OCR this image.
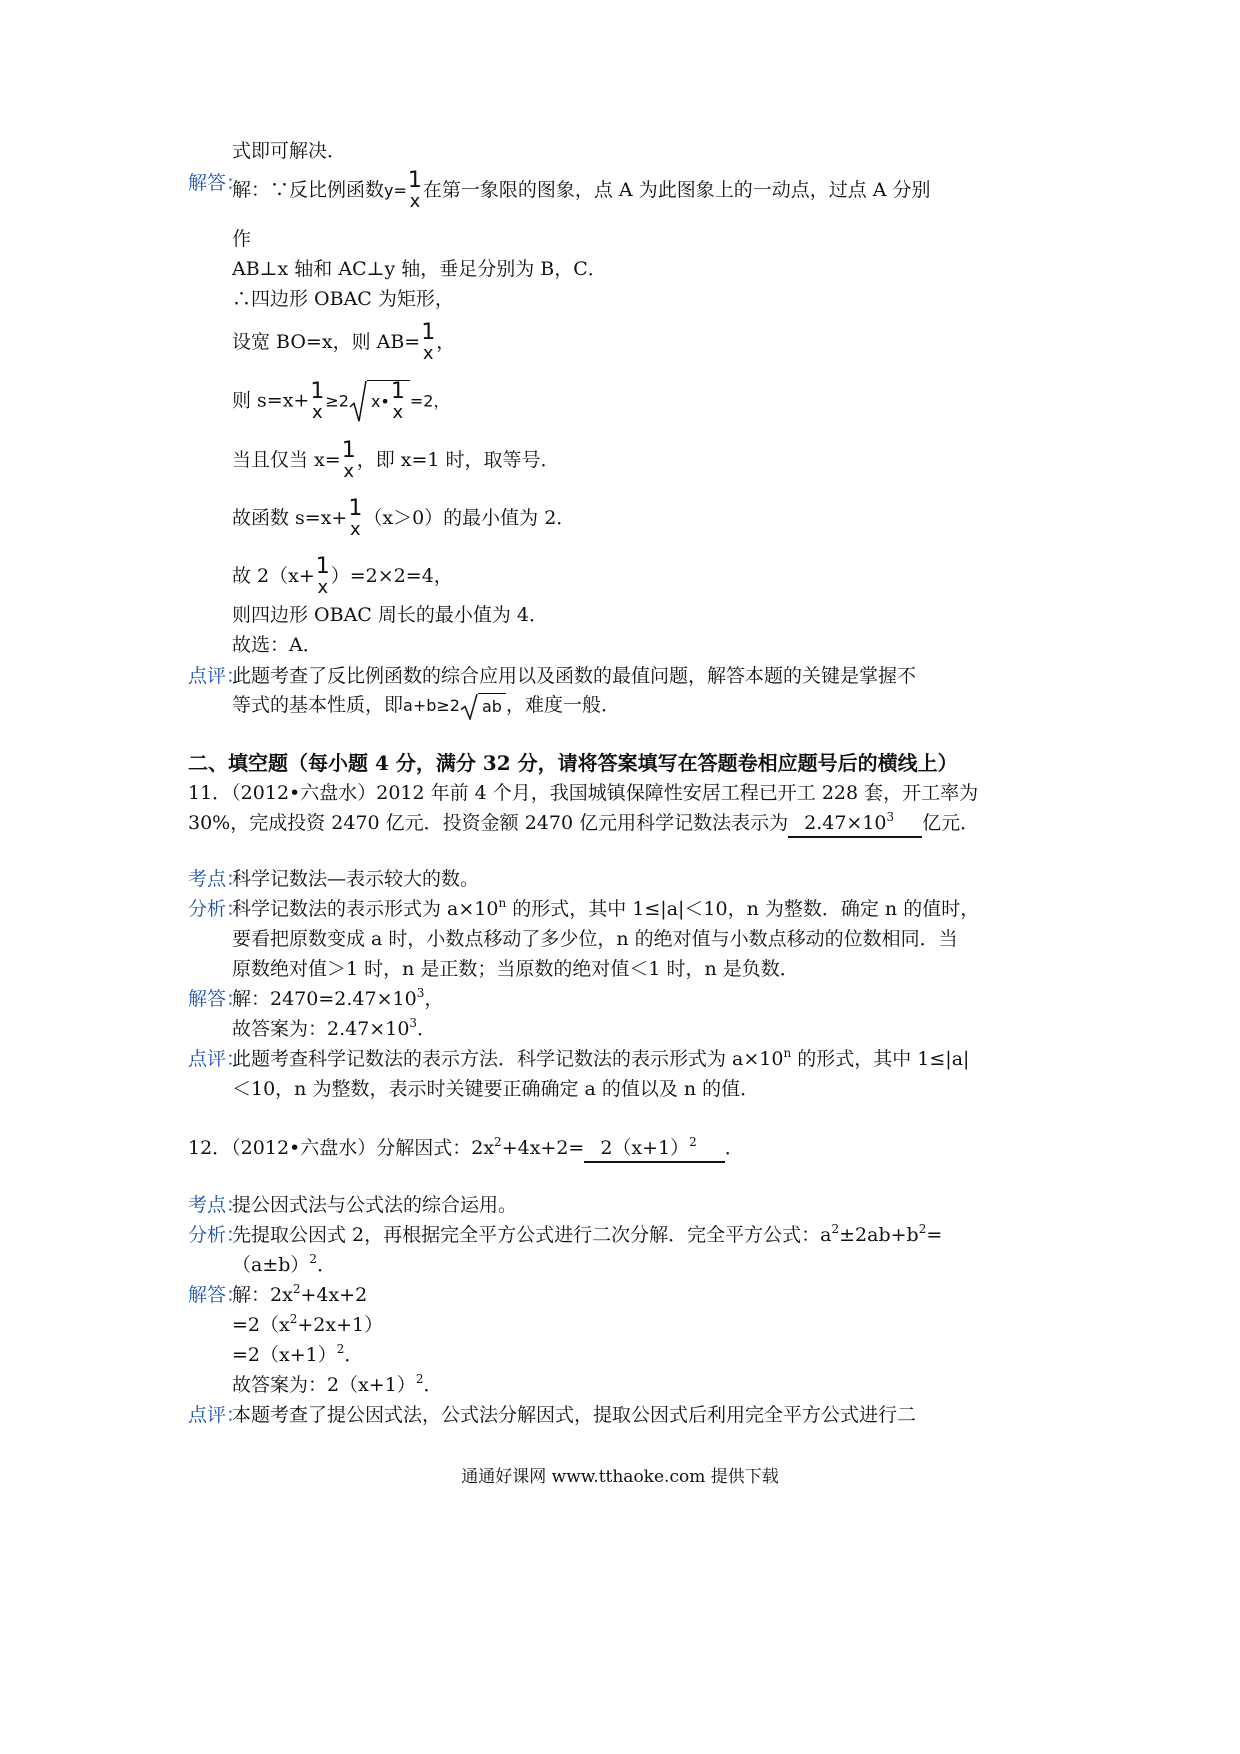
式即可解决．
解答：
解：∵反比例函数y= 1
x
在第一象限的图象，点 A 为此图象上的一动点，过点 A 分别
作
AB⊥x 轴和 AC⊥y 轴，垂足分别为 B，C．
∴四边形 OBAC 为矩形，
设宽 BO=x，则 AB= 1
x
，
则 s=x+ 1
x
≥2 x• 1
x
=2，
当且仅当 x= 1
x
，即 x=1 时，取等号．
故函数 s=x+ 1
x
（x＞0）的最小值为 2．
故 2（x+ 1
x
）=2×2=4，
则四边形 OBAC 周长的最小值为 4．
故选：A．
点评：
此题考查了反比例函数的综合应用以及函数的最值问题，解答本题的关键是掌握不
等式的基本性质，即a+b≥2 ab ，难度一般．
二、填空题（每小题 4 分，满分 32 分，请将答案填写在答题卷相应题号后的横线上）
11．（2012•六盘水）2012 年前 4 个月，我国城镇保障性安居工程已开工 228 套，开工率为
30%，完成投资 2470 亿元．投资金额 2470 亿元用科学记数法表示为 $2.47\times 10^3$ 亿元．
考点：
科学记数法—表示较大的数。
分析：
科学记数法的表示形式为 $a\times 10^n$ 的形式，其中 1≤|a|＜10，n 为整数．确定 n 的值时，
要看把原数变成 a 时，小数点移动了多少位，n 的绝对值与小数点移动的位数相同．当
原数绝对值＞1 时，n 是正数；当原数的绝对值＜1 时，n 是负数．
解答：
解：$2470=2.47\times 10^3$，
故答案为：$2.47\times 10^3$．
点评：
此题考查科学记数法的表示方法．科学记数法的表示形式为 $a\times 10^n$ 的形式，其中 1≤|a|
＜10，n 为整数，表示时关键要正确确定 a 的值以及 n 的值．
12．（2012•六盘水）分解因式：$2x^2+4x+2= 2(x+1)^2$ ．
考点：
提公因式法与公式法的综合运用。
分析：
先提取公因式 2，再根据完全平方公式进行二次分解．完全平方公式：$a^2\pm 2ab+b^2=$
$(a\pm b)^2$．
解答：
解：$2x^2+4x+2$
$=2(x^2+2x+1)$
$=2(x+1)^2$．
故答案为：$2(x+1)^2$．
点评：
本题考查了提公因式法，公式法分解因式，提取公因式后利用完全平方公式进行二
通通好课网 www.tthaoke.com 提供下载
